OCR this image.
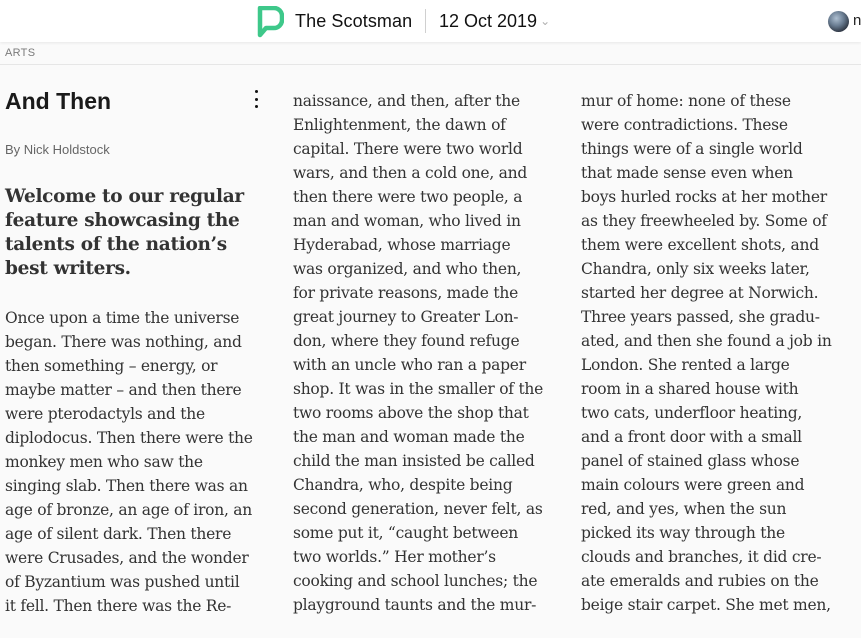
The Scotsman 12 Oct 2019 ⌄	n
ARTS
And Then
By Nick Holdstock
Welcome to our regular
feature showcasing the
talents of the nation’s
best writers.

Once upon a time the universe
began. There was nothing, and
then something – energy, or
maybe matter – and then there
were pterodactyls and the
diplodocus. Then there were the
monkey men who saw the
singing slab. Then there was an
age of bronze, an age of iron, an
age of silent dark. Then there
were Crusades, and the wonder
of Byzantium was pushed until
it fell. Then there was the Re-

naissance, and then, after the
Enlightenment, the dawn of
capital. There were two world
wars, and then a cold one, and
then there were two people, a
man and woman, who lived in
Hyderabad, whose marriage
was organized, and who then,
for private reasons, made the
great journey to Greater Lon-
don, where they found refuge
with an uncle who ran a paper
shop. It was in the smaller of the
two rooms above the shop that
the man and woman made the
child the man insisted be called
Chandra, who, despite being
second generation, never felt, as
some put it, “caught between
two worlds.” Her mother’s
cooking and school lunches; the
playground taunts and the mur-

mur of home: none of these
were contradictions. These
things were of a single world
that made sense even when
boys hurled rocks at her mother
as they freewheeled by. Some of
them were excellent shots, and
Chandra, only six weeks later,
started her degree at Norwich.
Three years passed, she gradu-
ated, and then she found a job in
London. She rented a large
room in a shared house with
two cats, underfloor heating,
and a front door with a small
panel of stained glass whose
main colours were green and
red, and yes, when the sun
picked its way through the
clouds and branches, it did cre-
ate emeralds and rubies on the
beige stair carpet. She met men,
